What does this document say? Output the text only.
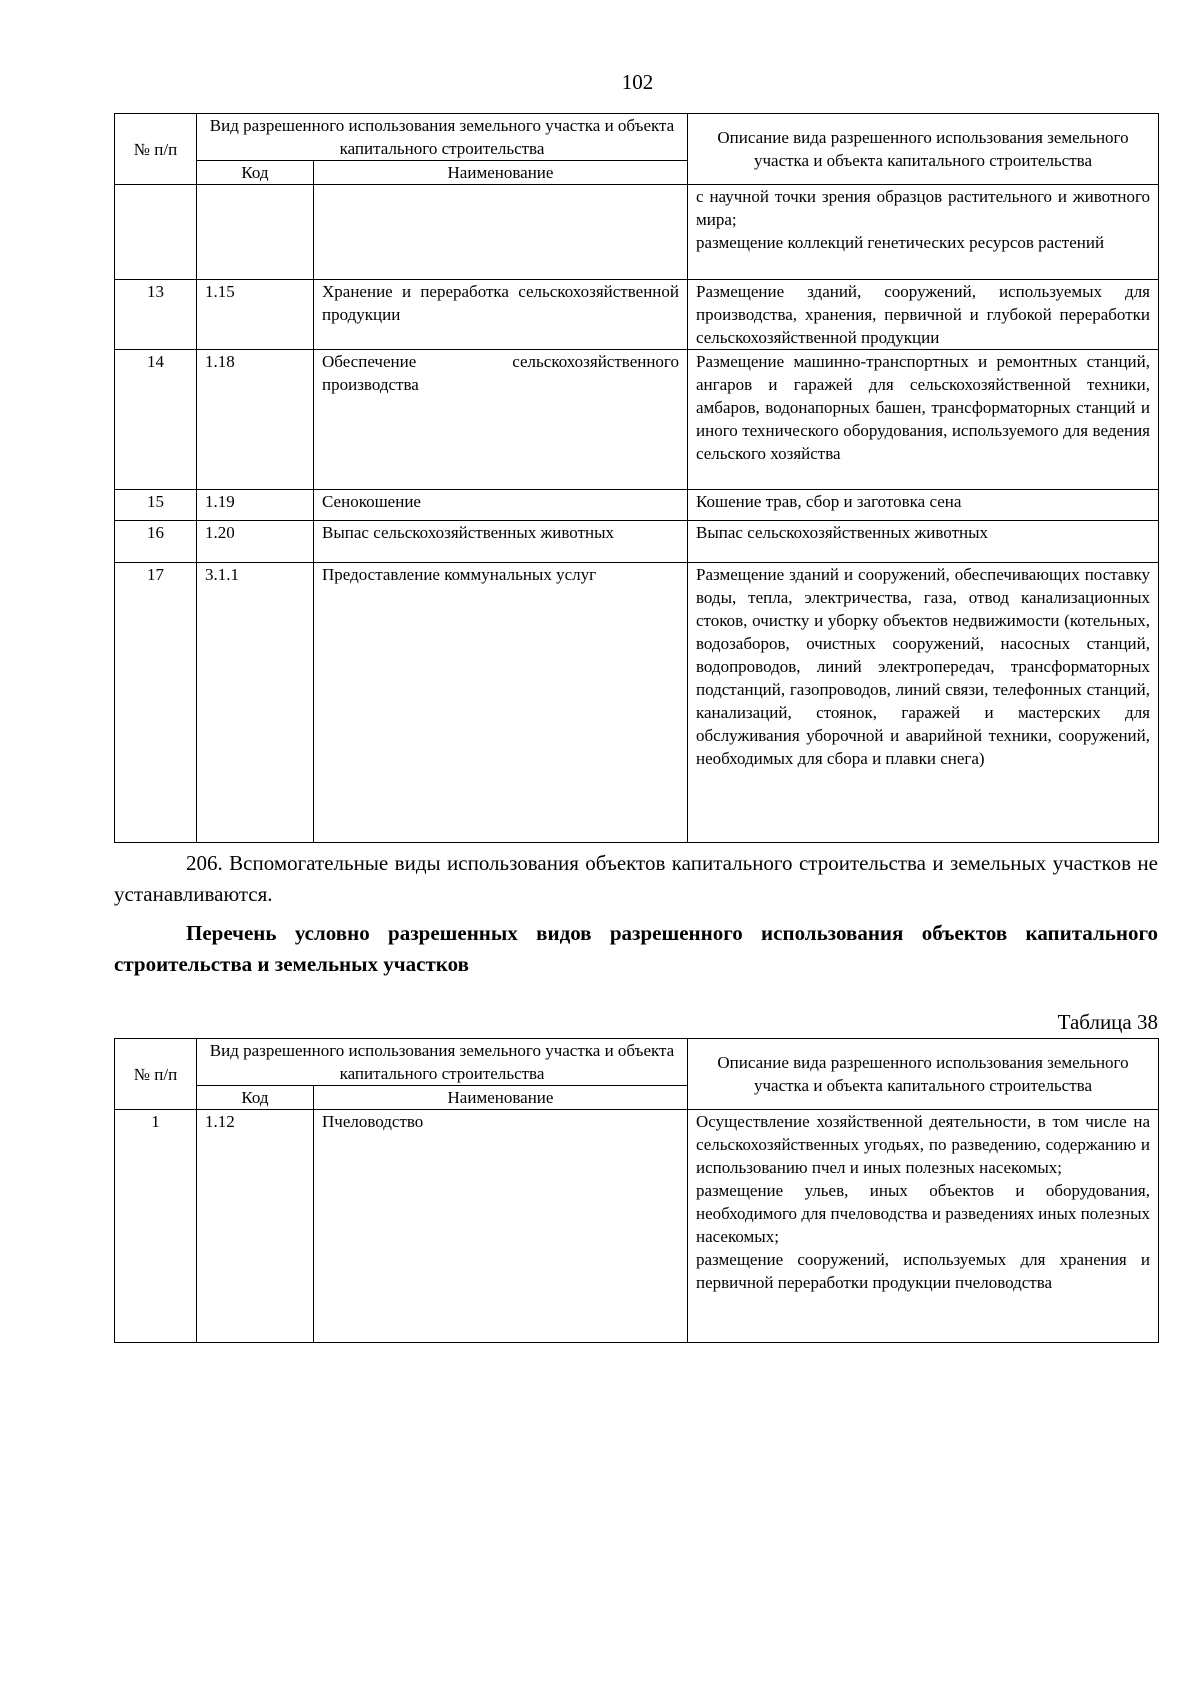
102
№ п/п	Вид разрешенного использования земельного участка и объекта капитального строительства		Описание вида разрешенного использования земельного участка и объекта капитального строительства
	Код	Наименование	

			с научной точки зрения образцов растительного и животного мира;
размещение коллекций генетических ресурсов растений

13	1.15	Хранение и переработка сельскохозяйственной продукции	Размещение зданий, сооружений, используемых для производства, хранения, первичной и глубокой переработки сельскохозяйственной продукции
14	1.18	Обеспечение сельскохозяйственного производства	Размещение машинно-транспортных и ремонтных станций, ангаров и гаражей для сельскохозяйственной техники, амбаров, водонапорных башен, трансформаторных станций и иного технического оборудования, используемого для ведения сельского хозяйства
15	1.19	Сенокошение	Кошение трав, сбор и заготовка сена
16	1.20	Выпас сельскохозяйственных животных	Выпас сельскохозяйственных животных
17	3.1.1	Предоставление коммунальных услуг	Размещение зданий и сооружений, обеспечивающих поставку воды, тепла, электричества, газа, отвод канализационных стоков, очистку и уборку объектов недвижимости (котельных, водозаборов, очистных сооружений, насосных станций, водопроводов, линий электропередач, трансформаторных подстанций, газопроводов, линий связи, телефонных станций, канализаций, стоянок, гаражей и мастерских для обслуживания уборочной и аварийной техники, сооружений, необходимых для сбора и плавки снега)

206. Вспомогательные виды использования объектов капитального строительства и земельных участков не устанавливаются.

Перечень условно разрешенных видов разрешенного использования объектов капитального строительства и земельных участков

Таблица 38
№ п/п	Вид разрешенного использования земельного участка и объекта капитального строительства		Описание вида разрешенного использования земельного участка и объекта капитального строительства
	Код	Наименование	
1	1.12	Пчеловодство	Осуществление хозяйственной деятельности, в том числе на сельскохозяйственных угодьях, по разведению, содержанию и использованию пчел и иных полезных насекомых;
размещение ульев, иных объектов и оборудования, необходимого для пчеловодства и разведениях иных полезных насекомых;
размещение сооружений, используемых для хранения и первичной переработки продукции пчеловодства
